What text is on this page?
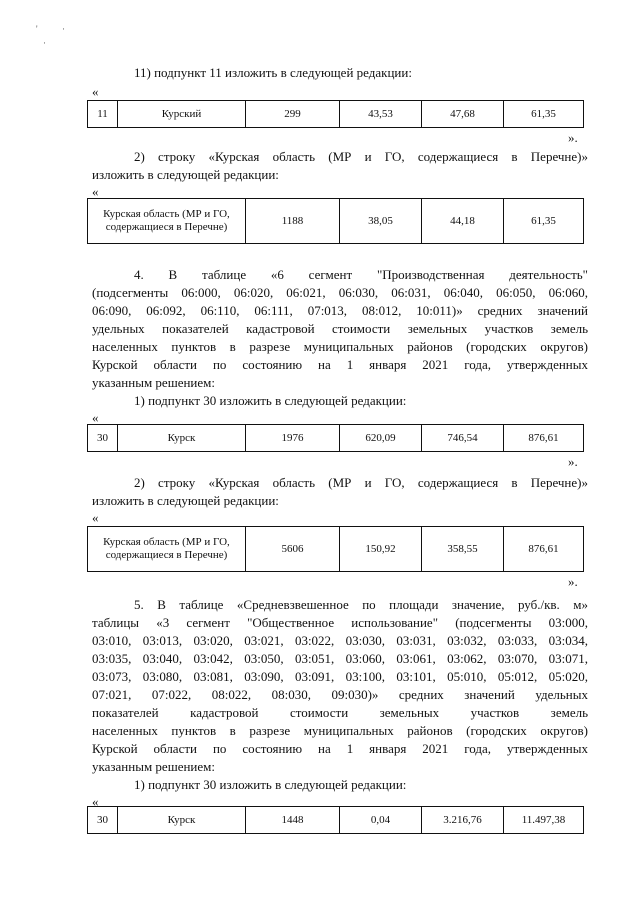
'	·
·
11) подпункт 11 изложить в следующей редакции:
«
11	Курский	299	43,53	47,68	61,35
».
2) строку «Курская область (МР и ГО, содержащиеся в Перечне)»
изложить в следующей редакции:
«
Курская область (МР и ГО, содержащиеся в Перечне)	1188	38,05	44,18	61,35
4. В таблице «6 сегмент "Производственная деятельность"
(подсегменты 06:000, 06:020, 06:021, 06:030, 06:031, 06:040, 06:050, 06:060,
06:090, 06:092, 06:110, 06:111, 07:013, 08:012, 10:011)» средних значений
удельных показателей кадастровой стоимости земельных участков земель
населенных пунктов в разрезе муниципальных районов (городских округов)
Курской области по состоянию на 1 января 2021 года, утвержденных
указанным решением:
1) подпункт 30 изложить в следующей редакции:
«
30	Курск	1976	620,09	746,54	876,61
».
2) строку «Курская область (МР и ГО, содержащиеся в Перечне)»
изложить в следующей редакции:
«
Курская область (МР и ГО, содержащиеся в Перечне)	5606	150,92	358,55	876,61
».
5. В таблице «Средневзвешенное по площади значение, руб./кв. м»
таблицы «3 сегмент "Общественное использование" (подсегменты 03:000,
03:010, 03:013, 03:020, 03:021, 03:022, 03:030, 03:031, 03:032, 03:033, 03:034,
03:035, 03:040, 03:042, 03:050, 03:051, 03:060, 03:061, 03:062, 03:070, 03:071,
03:073, 03:080, 03:081, 03:090, 03:091, 03:100, 03:101, 05:010, 05:012, 05:020,
07:021, 07:022, 08:022, 08:030, 09:030)» средних значений удельных
показателей кадастровой стоимости земельных участков земель
населенных пунктов в разрезе муниципальных районов (городских округов)
Курской области по состоянию на 1 января 2021 года, утвержденных
указанным решением:
1) подпункт 30 изложить в следующей редакции:
«
30	Курск	1448	0,04	3.216,76	11.497,38
